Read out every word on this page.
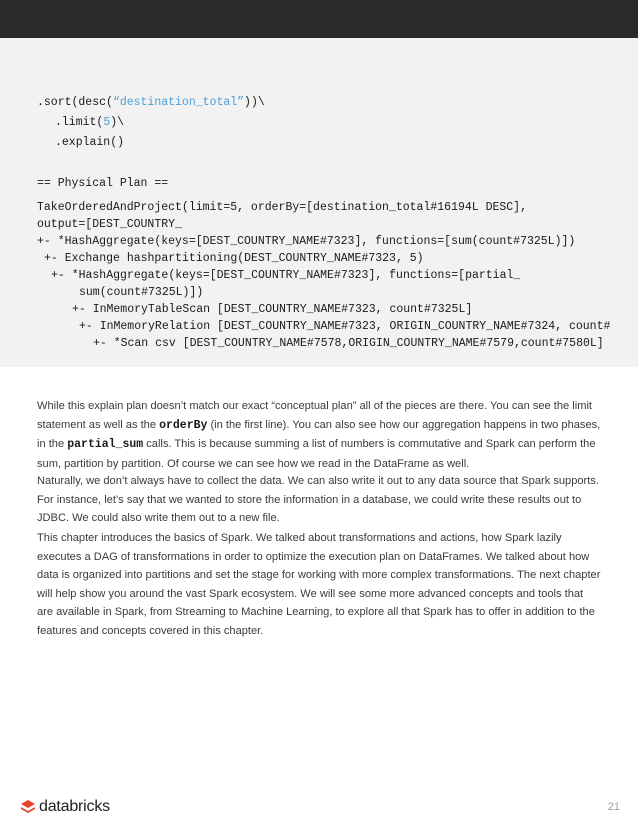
.sort(desc(“destination_total”))\
.limit(5)\
.explain()
== Physical Plan ==
TakeOrderedAndProject(limit=5, orderBy=[destination_total#16194L DESC],
output=[DEST_COUNTRY_
+- *HashAggregate(keys=[DEST_COUNTRY_NAME#7323], functions=[sum(count#7325L)])
+- Exchange hashpartitioning(DEST_COUNTRY_NAME#7323, 5)
+- *HashAggregate(keys=[DEST_COUNTRY_NAME#7323], functions=[partial_
sum(count#7325L)])
+- InMemoryTableScan [DEST_COUNTRY_NAME#7323, count#7325L]
+- InMemoryRelation [DEST_COUNTRY_NAME#7323, ORIGIN_COUNTRY_NAME#7324, count#
+- *Scan csv [DEST_COUNTRY_NAME#7578,ORIGIN_COUNTRY_NAME#7579,count#7580L]

While this explain plan doesn’t match our exact “conceptual plan” all of the pieces are there. You can see the limit statement as well as the orderBy (in the first line). You can also see how our aggregation happens in two phases, in the partial_sum calls. This is because summing a list of numbers is commutative and Spark can perform the sum, partition by partition. Of course we can see how we read in the DataFrame as well.

Naturally, we don’t always have to collect the data. We can also write it out to any data source that Spark supports. For instance, let’s say that we wanted to store the information in a database, we could write these results out to JDBC. We could also write them out to a new file.

This chapter introduces the basics of Spark. We talked about transformations and actions, how Spark lazily executes a DAG of transformations in order to optimize the execution plan on DataFrames. We talked about how data is organized into partitions and set the stage for working with more complex transformations. The next chapter will help show you around the vast Spark ecosystem. We will see some more advanced concepts and tools that are available in Spark, from Streaming to Machine Learning, to explore all that Spark has to offer in addition to the features and concepts covered in this chapter.

databricks	21
